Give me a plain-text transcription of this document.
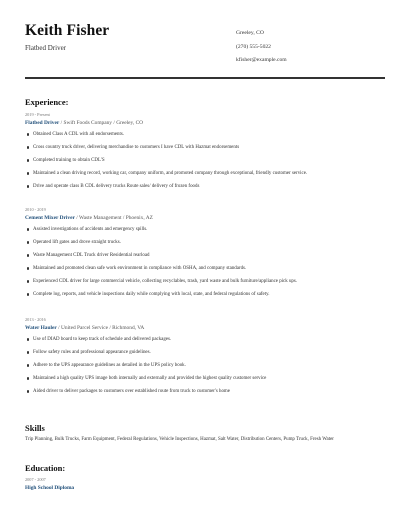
Keith Fisher
Flatbed Driver
Greeley, CO
(270) 555-5022
kfisher@example.com
Experience:
2019 - Present
Flatbed Driver / Swift Foods Company / Greeley, CO
Obtained Class A CDL with all endorsements.
Cross country truck driver, delivering merchandise to customers I have CDL with Hazmat endorsements
Completed training to obtain CDL'S
Maintained a clean driving record, working car, company uniform, and promoted company through exceptional, friendly customer service.
Drive and operate class B CDL delivery trucks Route sales/ delivery of frozen foods
2010 - 2019
Cement Mixer Driver / Waste Management / Phoenix, AZ
Assisted investigations of accidents and emergency spills.
Operated lift gates and drove straight trucks.
Waste Management CDL Truck driver Residential rearload
Maintained and promoted clean safe work environment in compliance with OSHA, and company standards.
Experienced CDL driver for large commercial vehicle, collecting recyclables, trash, yard waste and bulk furniture/appliance pick ups.
Complete log, reports, and vehicle inspections daily while complying with local, state, and federal regulations of safety.
2013 - 2016
Water Hauler / United Parcel Service / Richmond, VA
Use of DIAD board to keep track of schedule and delivered packages.
Follow safety rules and professional appearance guidelines.
Adhere to the UPS appearance guidelines as detailed in the UPS policy book.
Maintained a high quality UPS image both internally and externally and provided the highest quality customer service
Aided driver to deliver packages to customers over established route from truck to customer's home
Skills
Trip Planning, Bulk Trucks, Farm Equipment, Federal Regulations, Vehicle Inspections, Hazmat, Salt Water, Distribution Centers, Pump Truck, Fresh Water
Education:
2007 - 2007
High School Diploma
